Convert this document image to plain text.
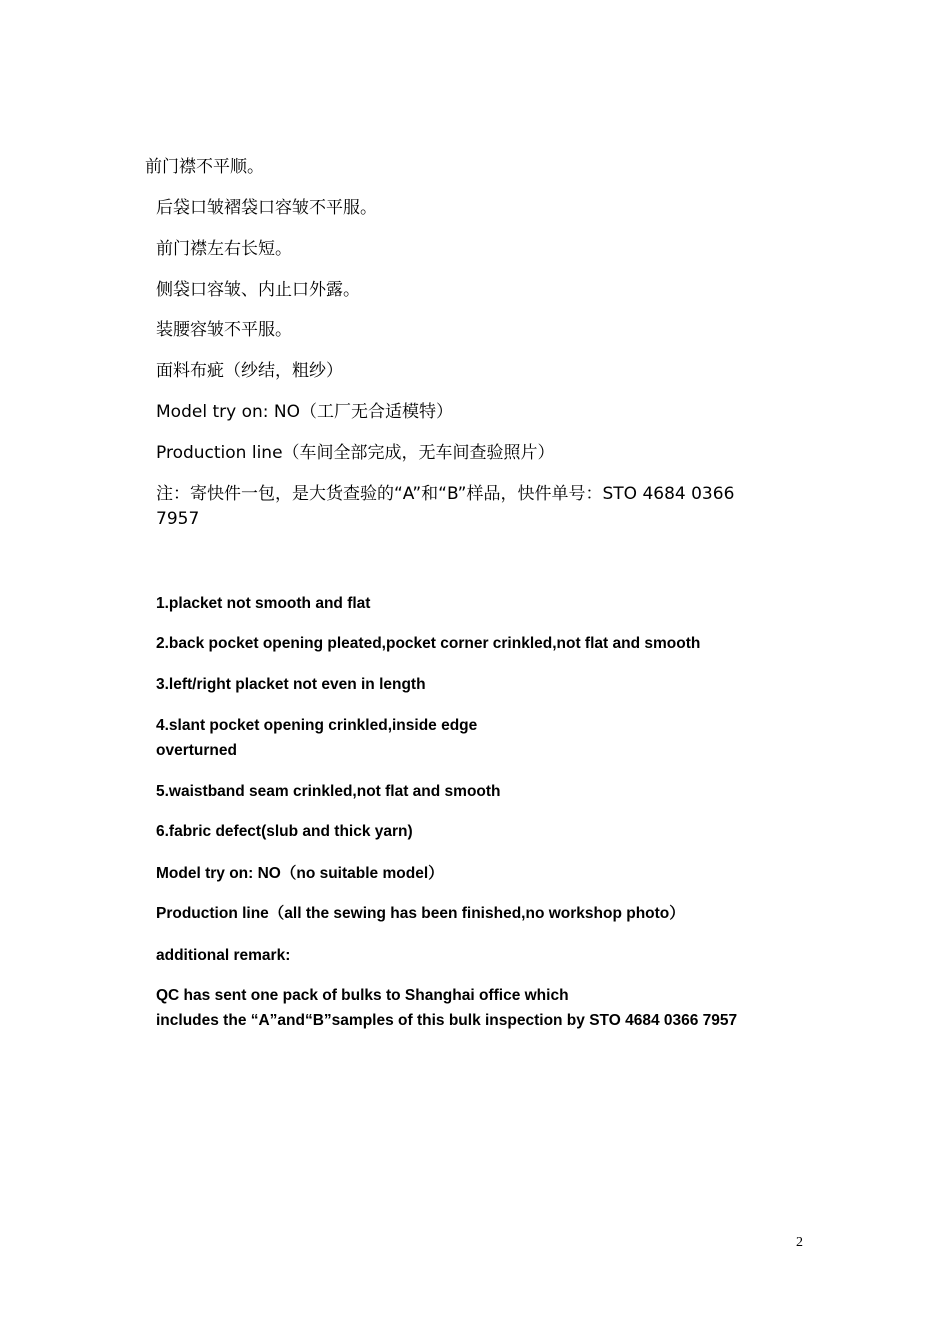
前门襟不平顺。
后袋口皱褶袋口容皱不平服。
前门襟左右长短。
侧袋口容皱、内止口外露。
装腰容皱不平服。
面料布疵（纱结，粗纱）
Model try on: NO（工厂无合适模特）
Production line（车间全部完成，无车间查验照片）
注：寄快件一包，是大货查验的“A”和“B”样品，快件单号：STO 4684 0366
7957
1.placket not smooth and flat
2.back pocket opening pleated,pocket corner crinkled,not flat and smooth
3.left/right placket not even in length
4.slant pocket opening crinkled,inside edge
overturned
5.waistband seam crinkled,not flat and smooth
6.fabric defect(slub and thick yarn)
Model try on: NO（no suitable model）
Production line（all the sewing has been finished,no workshop photo）
additional remark:
QC has sent one pack of bulks to Shanghai office which
includes the “A”and“B”samples of this bulk inspection by STO 4684 0366 7957
2
